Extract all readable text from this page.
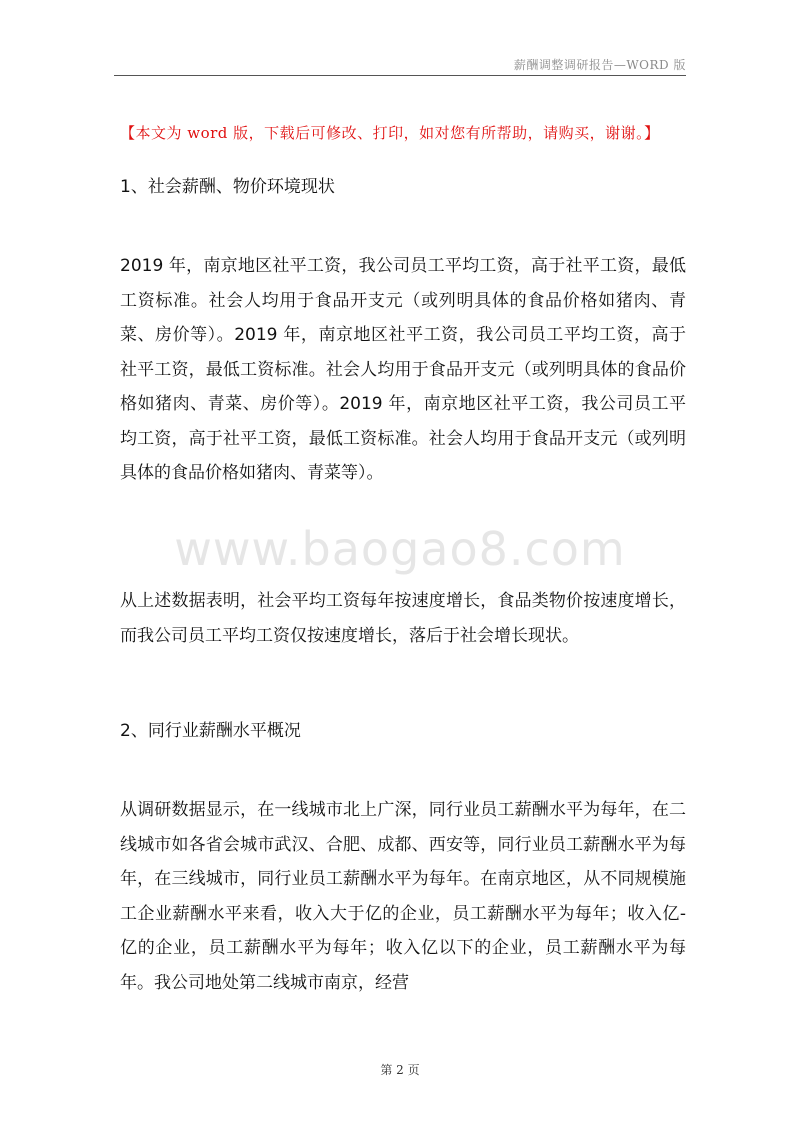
薪酬调整调研报告—WORD 版
【本文为 word 版，下载后可修改、打印，如对您有所帮助，请购买，谢谢。】
1、社会薪酬、物价环境现状
2019 年，南京地区社平工资，我公司员工平均工资，高于社平工资，最低工资标准。社会人均用于食品开支元（或列明具体的食品价格如猪肉、青菜、房价等）。2019 年，南京地区社平工资，我公司员工平均工资，高于社平工资，最低工资标准。社会人均用于食品开支元（或列明具体的食品价格如猪肉、青菜、房价等）。2019 年，南京地区社平工资，我公司员工平均工资，高于社平工资，最低工资标准。社会人均用于食品开支元（或列明具体的食品价格如猪肉、青菜等）。
www.baogao8.com
从上述数据表明，社会平均工资每年按速度增长，食品类物价按速度增长，而我公司员工平均工资仅按速度增长，落后于社会增长现状。
2、同行业薪酬水平概况
从调研数据显示，在一线城市北上广深，同行业员工薪酬水平为每年，在二线城市如各省会城市武汉、合肥、成都、西安等，同行业员工薪酬水平为每年，在三线城市，同行业员工薪酬水平为每年。在南京地区，从不同规模施工企业薪酬水平来看，收入大于亿的企业，员工薪酬水平为每年；收入亿-亿的企业，员工薪酬水平为每年；收入亿以下的企业，员工薪酬水平为每年。我公司地处第二线城市南京，经营
第 2 页
